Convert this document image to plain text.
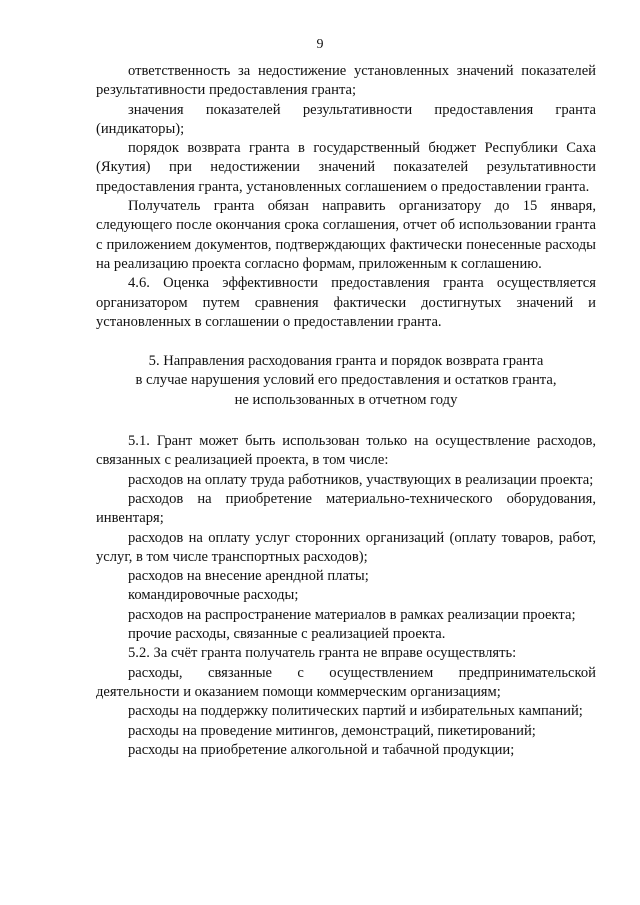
9

ответственность за недостижение установленных значений показателей результативности предоставления гранта;

значения показателей результативности предоставления гранта (индикаторы);

порядок возврата гранта в государственный бюджет Республики Саха (Якутия) при недостижении значений показателей результативности предоставления гранта, установленных соглашением о предоставлении гранта.

Получатель гранта обязан направить организатору до 15 января, следующего после окончания срока соглашения, отчет об использовании гранта с приложением документов, подтверждающих фактически понесенные расходы на реализацию проекта согласно формам, приложенным к соглашению.

4.6. Оценка эффективности предоставления гранта осуществляется организатором путем сравнения фактически достигнутых значений и установленных в соглашении о предоставлении гранта.

5. Направления расходования гранта и порядок возврата гранта
в случае нарушения условий его предоставления и остатков гранта,
не использованных в отчетном году

5.1. Грант может быть использован только на осуществление расходов, связанных с реализацией проекта, в том числе:

расходов на оплату труда работников, участвующих в реализации проекта;

расходов на приобретение материально-технического оборудования, инвентаря;

расходов на оплату услуг сторонних организаций (оплату товаров, работ, услуг, в том числе транспортных расходов);

расходов на внесение арендной платы;

командировочные расходы;

расходов на распространение материалов в рамках реализации проекта;

прочие расходы, связанные с реализацией проекта.

5.2. За счёт гранта получатель гранта не вправе осуществлять:

расходы, связанные с осуществлением предпринимательской деятельности и оказанием помощи коммерческим организациям;

расходы на поддержку политических партий и избирательных кампаний;

расходы на проведение митингов, демонстраций, пикетирований;

расходы на приобретение алкогольной и табачной продукции;
